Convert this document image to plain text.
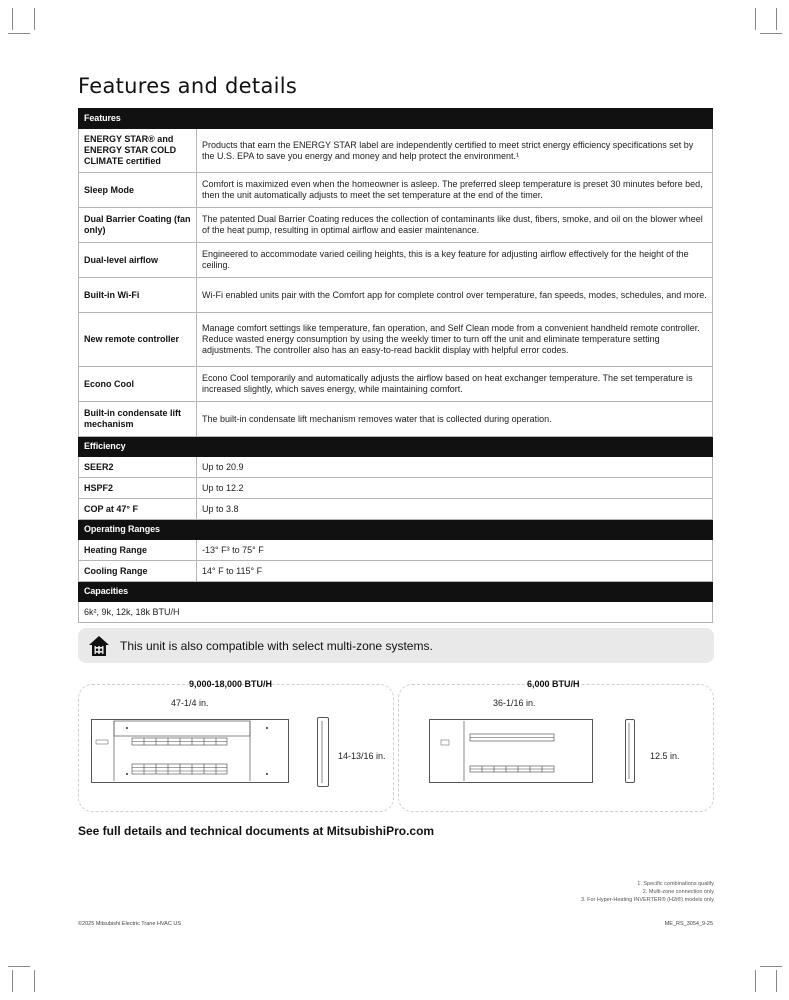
Features and details
Features	
ENERGY STAR® and ENERGY STAR COLD CLIMATE certified	Products that earn the ENERGY STAR label are independently certified to meet strict energy efficiency specifications set by the U.S. EPA to save you energy and money and help protect the environment.¹
Sleep Mode	Comfort is maximized even when the homeowner is asleep. The preferred sleep temperature is preset 30 minutes before bed, then the unit automatically adjusts to meet the set temperature at the end of the timer.
Dual Barrier Coating (fan only)	The patented Dual Barrier Coating reduces the collection of contaminants like dust, fibers, smoke, and oil on the blower wheel of the heat pump, resulting in optimal airflow and easier maintenance.
Dual-level airflow	Engineered to accommodate varied ceiling heights, this is a key feature for adjusting airflow effectively for the height of the ceiling.
Built-in Wi-Fi	Wi-Fi enabled units pair with the Comfort app for complete control over temperature, fan speeds, modes, schedules, and more.
New remote controller	Manage comfort settings like temperature, fan operation, and Self Clean mode from a convenient handheld remote controller. Reduce wasted energy consumption by using the weekly timer to turn off the unit and eliminate temperature setting adjustments. The controller also has an easy-to-read backlit display with helpful error codes.
Econo Cool	Econo Cool temporarily and automatically adjusts the airflow based on heat exchanger temperature. The set temperature is increased slightly, which saves energy, while maintaining comfort.
Built-in condensate lift mechanism	The built-in condensate lift mechanism removes water that is collected during operation.
Efficiency	
SEER2	Up to 20.9
HSPF2	Up to 12.2
COP at 47° F	Up to 3.8
Operating Ranges	
Heating Range	-13° F³ to 75° F
Cooling Range	14° F to 115° F
Capacities	
6k², 9k, 12k, 18k BTU/H	
This unit is also compatible with select multi-zone systems.
9,000-18,000 BTU/H
47-1/4 in.
14-13/16 in.
6,000 BTU/H
36-1/16 in.
12.5 in.
See full details and technical documents at MitsubishiPro.com
1. Specific combinations qualify
2. Multi-zone connection only
3. For Hyper-Heating INVERTER® (H2i®) models only
©2025 Mitsubishi Electric Trane HVAC US	ME_RS_3054_9-25
